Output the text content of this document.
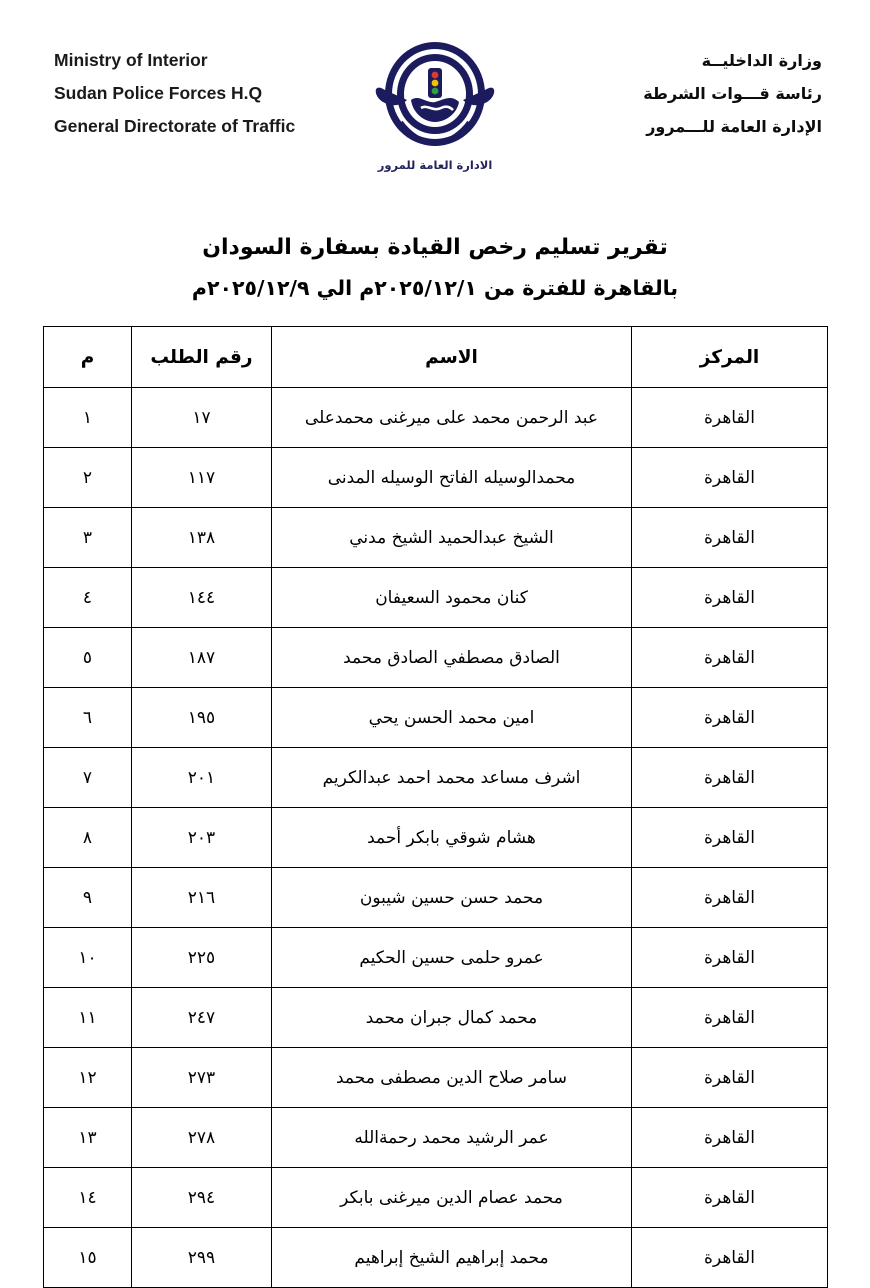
Ministry of Interior
Sudan Police Forces H.Q
General Directorate of Traffic
الادارة العامة للمرور
وزارة الداخليــة
رئاسة قـــوات الشرطة
الإدارة العامة للـــمرور
تقرير تسليم رخص القيادة بسفارة السودان
بالقاهرة للفترة من ٢٠٢٥/١٢/١م الي ٢٠٢٥/١٢/٩م
المركز	الاسم	رقم الطلب	م
القاهرة	عبد الرحمن محمد على ميرغنى محمدعلى	١٧	١
القاهرة	محمدالوسيله الفاتح الوسيله المدنى	١١٧	٢
القاهرة	الشيخ عبدالحميد الشيخ مدني	١٣٨	٣
القاهرة	كنان محمود السعيفان	١٤٤	٤
القاهرة	الصادق مصطفي الصادق محمد	١٨٧	٥
القاهرة	امين محمد الحسن يحي	١٩٥	٦
القاهرة	اشرف مساعد محمد احمد عبدالكريم	٢٠١	٧
القاهرة	هشام شوقي بابكر أحمد	٢٠٣	٨
القاهرة	محمد حسن حسين شيبون	٢١٦	٩
القاهرة	عمرو حلمى حسين الحكيم	٢٢٥	١٠
القاهرة	محمد كمال جبران محمد	٢٤٧	١١
القاهرة	سامر صلاح الدين مصطفى محمد	٢٧٣	١٢
القاهرة	عمر الرشيد محمد رحمةالله	٢٧٨	١٣
القاهرة	محمد عصام الدين ميرغنى بابكر	٢٩٤	١٤
القاهرة	محمد إبراهيم الشيخ إبراهيم	٢٩٩	١٥
